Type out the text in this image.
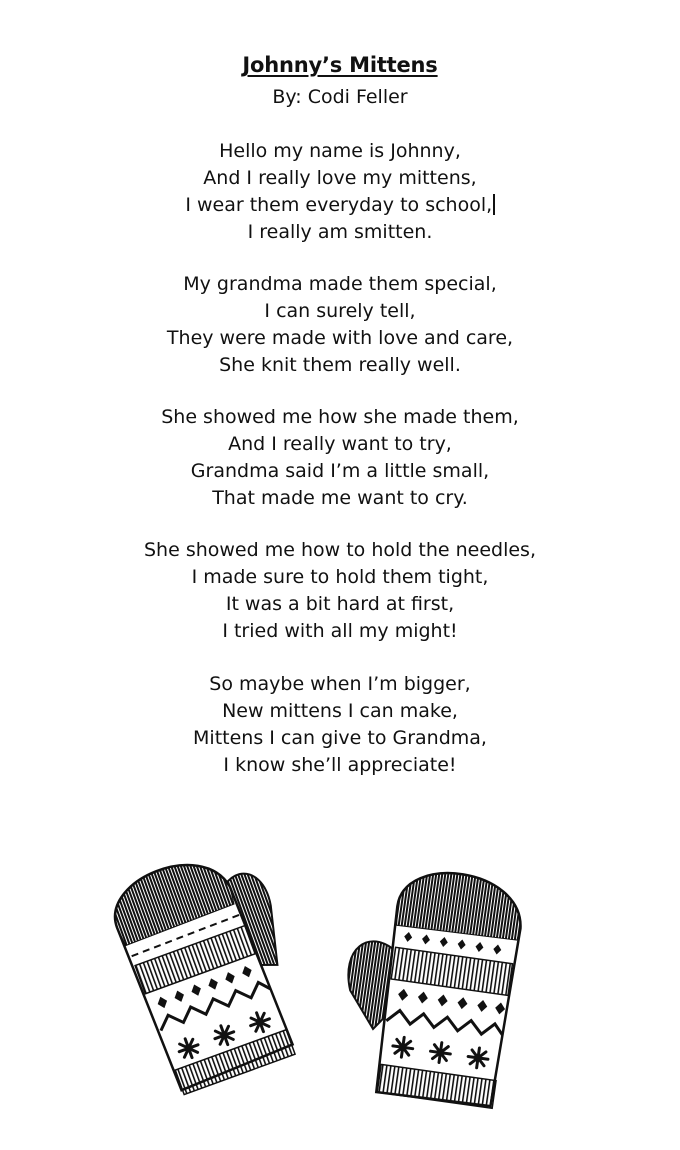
Johnny’s Mittens
By: Codi Feller
Hello my name is Johnny,
And I really love my mittens,
I wear them everyday to school,
I really am smitten.
My grandma made them special,
I can surely tell,
They were made with love and care,
She knit them really well.
She showed me how she made them,
And I really want to try,
Grandma said I’m a little small,
That made me want to cry.
She showed me how to hold the needles,
I made sure to hold them tight,
It was a bit hard at first,
I tried with all my might!
So maybe when I’m bigger,
New mittens I can make,
Mittens I can give to Grandma,
I know she’ll appreciate!
